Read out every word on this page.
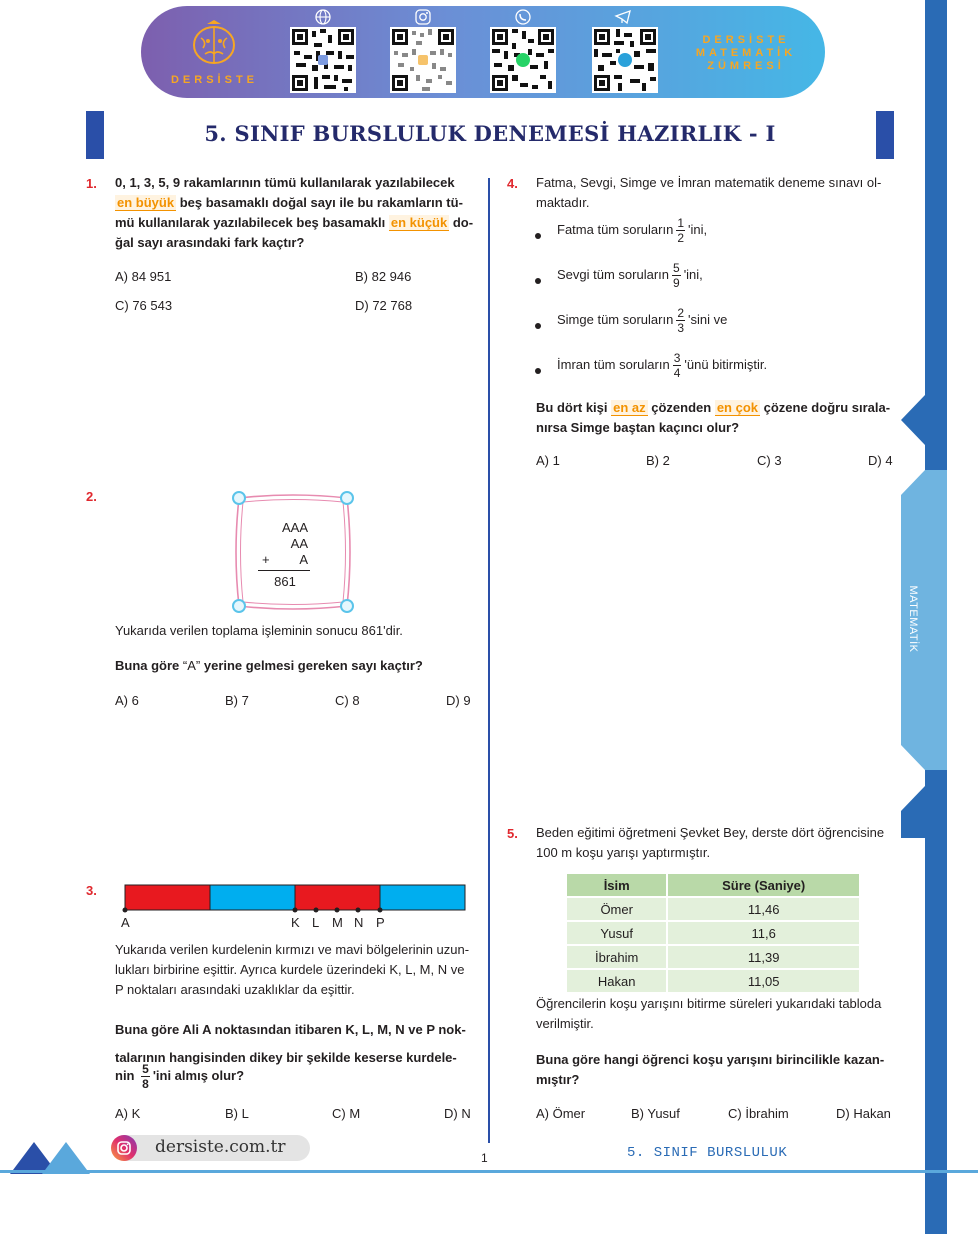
DERSİSTE
DERSİSTE
MATEMATİK
ZÜMRESİ
MATEMATİK
5. SINIF BURSLULUK DENEMESİ HAZIRLIK - I
1. 0, 1, 3, 5, 9 rakamlarının tümü kullanılarak yazılabilecek
en büyük beş basamaklı doğal sayı ile bu rakamların tü-
mü kullanılarak yazılabilecek beş basamaklı en küçük do-
ğal sayı arasındaki fark kaçtır?
A) 84 951	B) 82 946
C) 76 543	D) 72 768
2.
AAA
AA
+ A
861
Yukarıda verilen toplama işleminin sonucu 861'dir.
Buna göre “A” yerine gelmesi gereken sayı kaçtır?
A) 6	B) 7	C) 8	D) 9
3.
A	K L M N P
Yukarıda verilen kurdelenin kırmızı ve mavi bölgelerinin uzun-
lukları birbirine eşittir. Ayrıca kurdele üzerindeki K, L, M, N ve
P noktaları arasındaki uzaklıklar da eşittir.
Buna göre Ali A noktasından itibaren K, L, M, N ve P nok-
talarının hangisinden dikey bir şekilde keserse kurdele-
nin $\frac{5}{8}$ 'ini almış olur?
A) K	B) L	C) M	D) N
4. Fatma, Sevgi, Simge ve İmran matematik deneme sınavı ol-
maktadır.
Fatma tüm soruların $\frac{1}{2}$ 'ini,
Sevgi tüm soruların $\frac{5}{9}$ 'ini,
Simge tüm soruların $\frac{2}{3}$ 'sini ve
İmran tüm soruların $\frac{3}{4}$ 'ünü bitirmiştir.
Bu dört kişi en az çözenden en çok çözene doğru sırala-
nırsa Simge baştan kaçıncı olur?
A) 1	B) 2	C) 3	D) 4
5. Beden eğitimi öğretmeni Şevket Bey, derste dört öğrencisine
100 m koşu yarışı yaptırmıştır.
İsim	Süre (Saniye)
Ömer	11,46
Yusuf	11,6
İbrahim	11,39
Hakan	11,05
Öğrencilerin koşu yarışını bitirme süreleri yukarıdaki tabloda
verilmiştir.
Buna göre hangi öğrenci koşu yarışını birincilikle kazan-
mıştır?
A) Ömer	B) Yusuf	C) İbrahim	D) Hakan
dersiste.com.tr
1	5. SINIF BURSLULUK
